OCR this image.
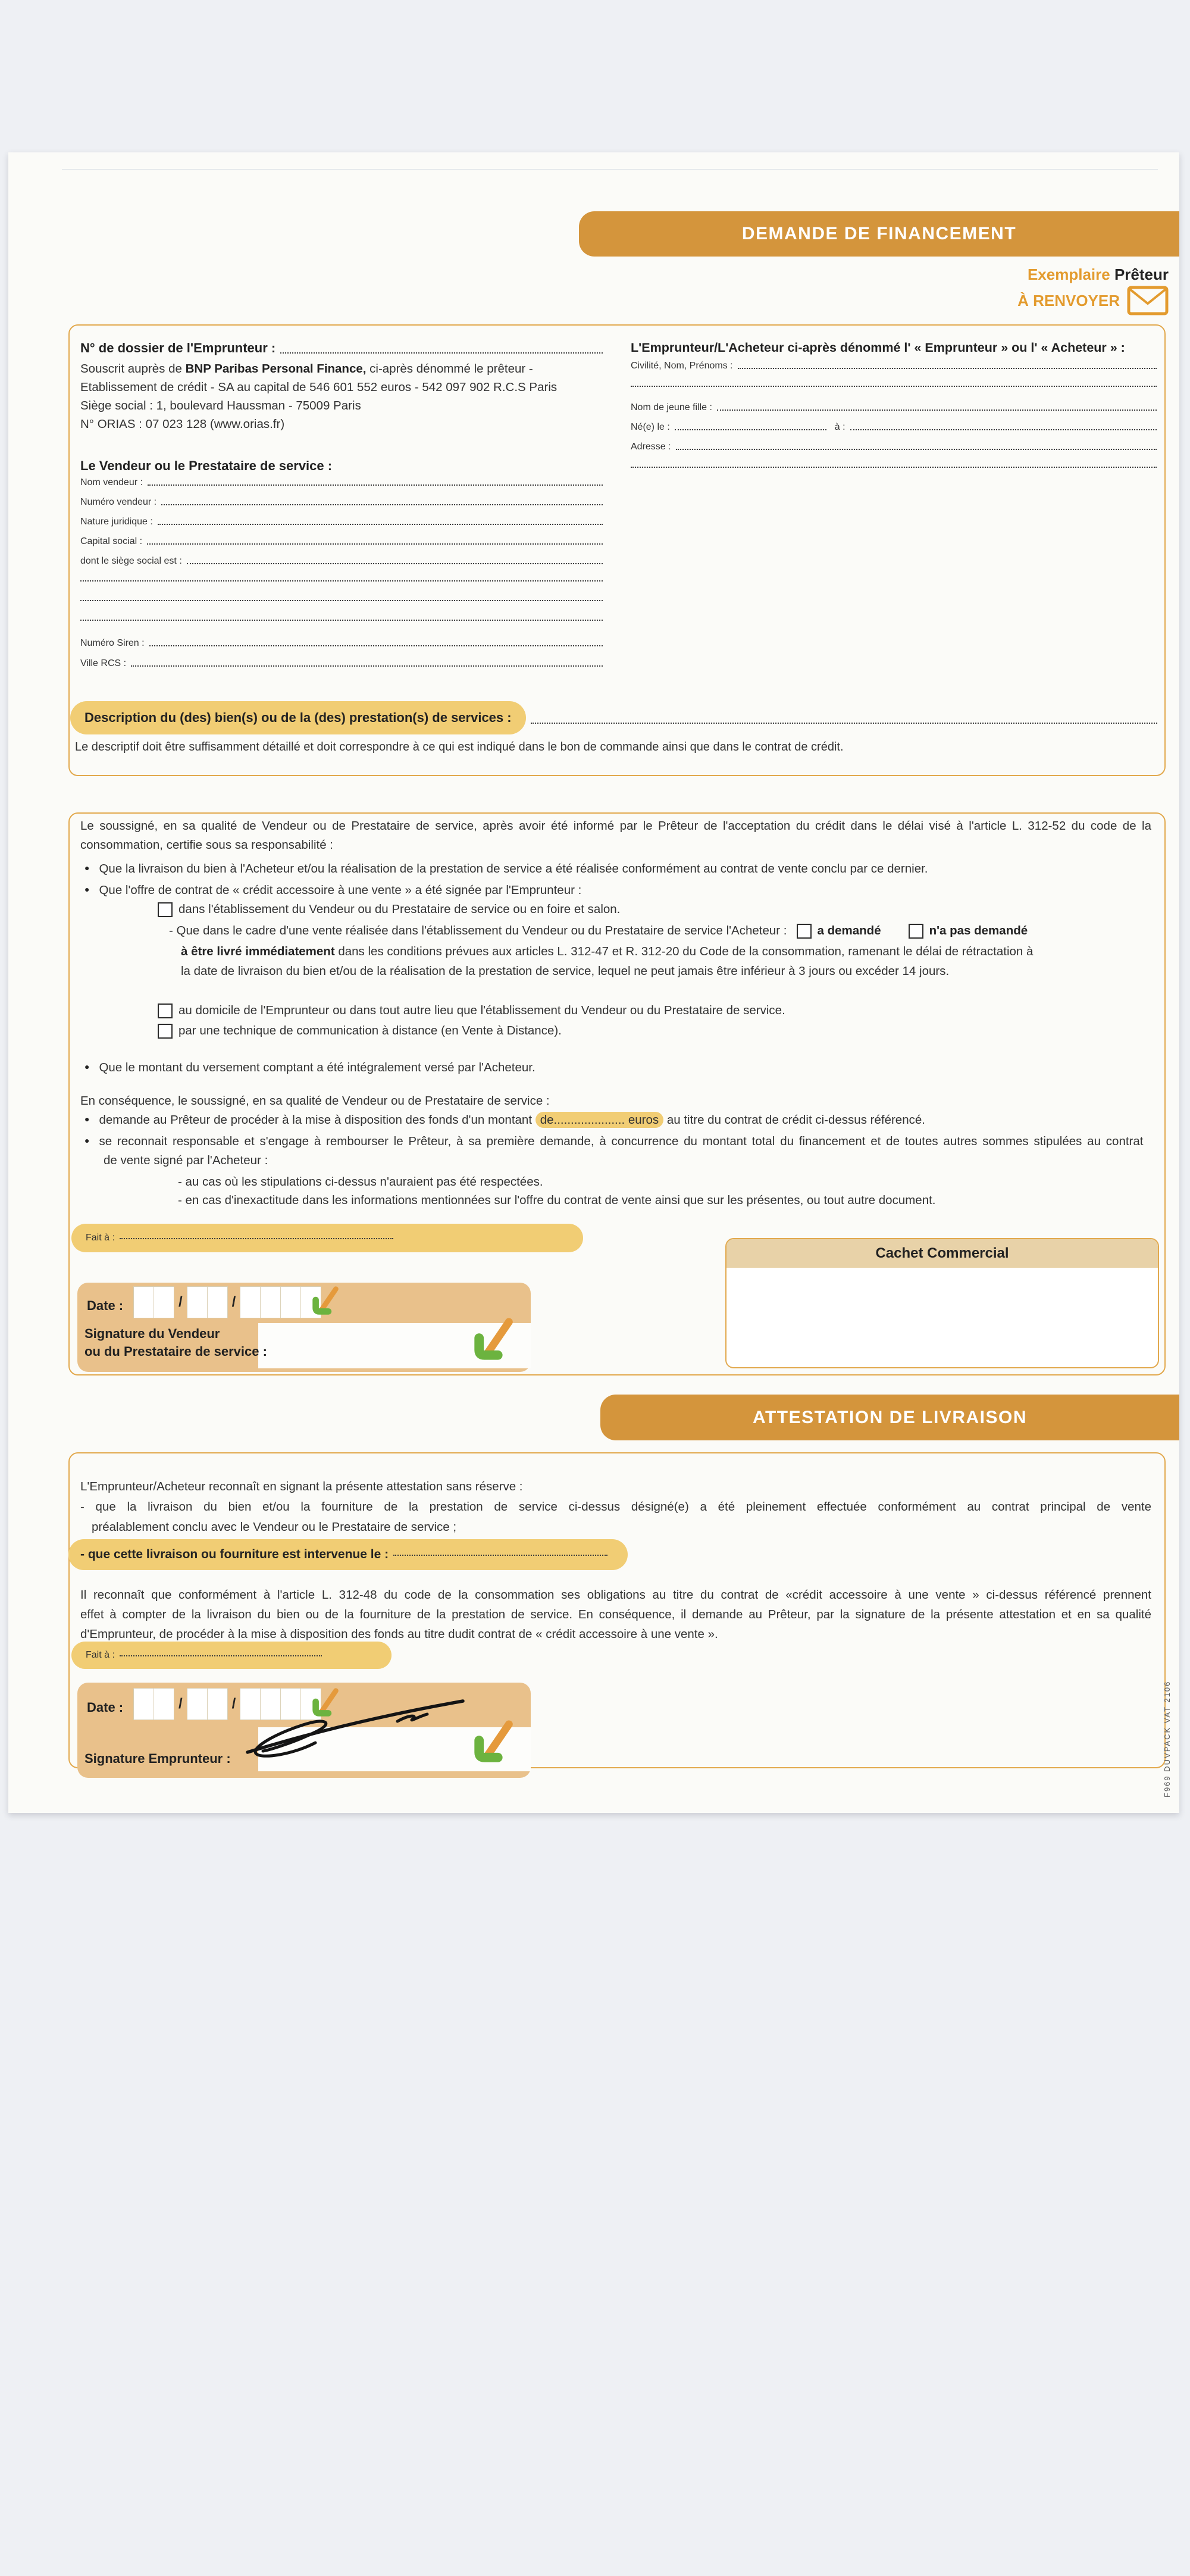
DEMANDE DE FINANCEMENT
Exemplaire Prêteur
À RENVOYER
N° de dossier de l'Emprunteur :
Souscrit auprès de BNP Paribas Personal Finance, ci-après dénommé le prêteur -
Etablissement de crédit - SA au capital de 546 601 552 euros - 542 097 902 R.C.S Paris
Siège social : 1, boulevard Haussman - 75009 Paris
N° ORIAS : 07 023 128 (www.orias.fr)
Le Vendeur ou le Prestataire de service :
Nom vendeur :
Numéro vendeur :
Nature juridique :
Capital social :
dont le siège social est :
Numéro Siren :
Ville RCS :
L'Emprunteur/L'Acheteur ci-après dénommé l' « Emprunteur » ou l' « Acheteur » :
Civilité, Nom, Prénoms :
Nom de jeune fille :
Né(e) le :	à :
Adresse :
Description du (des) bien(s) ou de la (des) prestation(s) de services :
Le descriptif doit être suffisamment détaillé et doit correspondre à ce qui est indiqué dans le bon de commande ainsi que dans le contrat de crédit.
Le soussigné, en sa qualité de Vendeur ou de Prestataire de service, après avoir été informé par le Prêteur de l'acceptation du crédit dans le délai visé à l'article L. 312-52 du code de la
consommation, certifie sous sa responsabilité :
● Que la livraison du bien à l'Acheteur et/ou la réalisation de la prestation de service a été réalisée conformément au contrat de vente conclu par ce dernier.
● Que l'offre de contrat de « crédit accessoire à une vente » a été signée par l'Emprunteur :
dans l'établissement du Vendeur ou du Prestataire de service ou en foire et salon.
- Que dans le cadre d'une vente réalisée dans l'établissement du Vendeur ou du Prestataire de service l'Acheteur : a demandé	n'a pas demandé
à être livré immédiatement dans les conditions prévues aux articles L. 312-47 et R. 312-20 du Code de la consommation, ramenant le délai de rétractation à
la date de livraison du bien et/ou de la réalisation de la prestation de service, lequel ne peut jamais être inférieur à 3 jours ou excéder 14 jours.
au domicile de l'Emprunteur ou dans tout autre lieu que l'établissement du Vendeur ou du Prestataire de service.
par une technique de communication à distance (en Vente à Distance).
● Que le montant du versement comptant a été intégralement versé par l'Acheteur.
En conséquence, le soussigné, en sa qualité de Vendeur ou de Prestataire de service :
● demande au Prêteur de procéder à la mise à disposition des fonds d'un montant de..................... euros au titre du contrat de crédit ci-dessus référencé.
● se reconnait responsable et s'engage à rembourser le Prêteur, à sa première demande, à concurrence du montant total du financement et de toutes autres sommes stipulées au contrat
de vente signé par l'Acheteur :
- au cas où les stipulations ci-dessus n'auraient pas été respectées.
- en cas d'inexactitude dans les informations mentionnées sur l'offre du contrat de vente ainsi que sur les présentes, ou tout autre document.
Fait à :
Date :	/	/
Signature du Vendeur
ou du Prestataire de service :
Cachet Commercial
ATTESTATION DE LIVRAISON
L'Emprunteur/Acheteur reconnaît en signant la présente attestation sans réserve :
- que la livraison du bien et/ou la fourniture de la prestation de service ci-dessus désigné(e) a été pleinement effectuée conformément au contrat principal de vente
préalablement conclu avec le Vendeur ou le Prestataire de service ;
- que cette livraison ou fourniture est intervenue le :
Il reconnaît que conformément à l'article L. 312-48 du code de la consommation ses obligations au titre du contrat de «crédit accessoire à une vente » ci-dessus référencé prennent
effet à compter de la livraison du bien ou de la fourniture de la prestation de service. En conséquence, il demande au Prêteur, par la signature de la présente attestation et en sa qualité
d'Emprunteur, de procéder à la mise à disposition des fonds au titre dudit contrat de « crédit accessoire à une vente ».
Fait à :
Date :	/	/
Signature Emprunteur :	F969 DUVPACK VAT 2106
